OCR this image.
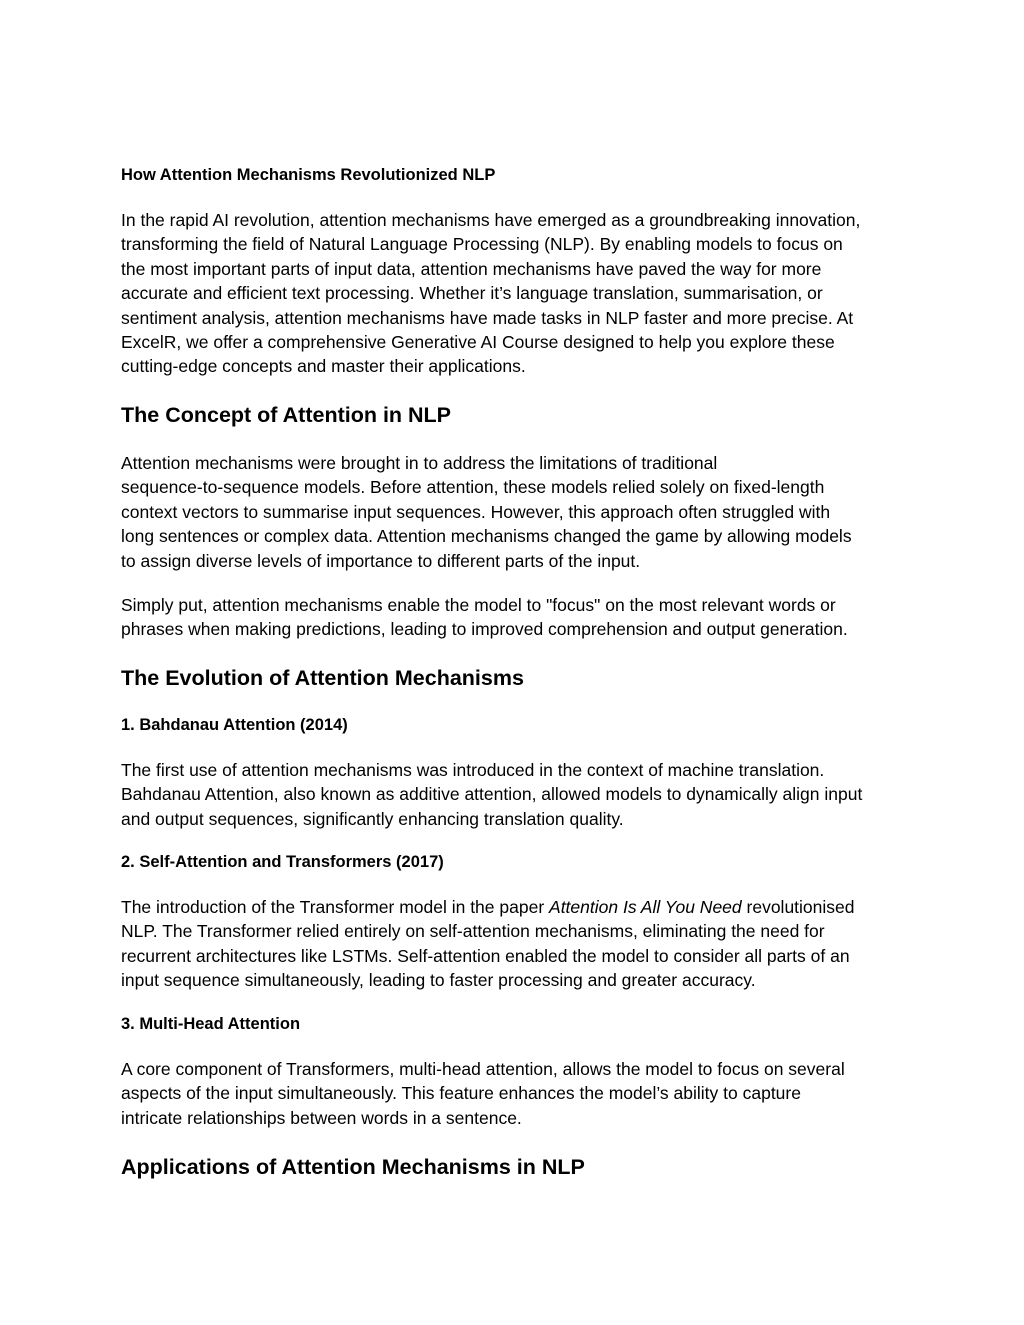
How Attention Mechanisms Revolutionized NLP
In the rapid AI revolution, attention mechanisms have emerged as a groundbreaking innovation,
transforming the field of Natural Language Processing (NLP). By enabling models to focus on
the most important parts of input data, attention mechanisms have paved the way for more
accurate and efficient text processing. Whether it’s language translation, summarisation, or
sentiment analysis, attention mechanisms have made tasks in NLP faster and more precise. At
ExcelR, we offer a comprehensive Generative AI Course designed to help you explore these
cutting-edge concepts and master their applications.
The Concept of Attention in NLP
Attention mechanisms were brought in to address the limitations of traditional
sequence-to-sequence models. Before attention, these models relied solely on fixed-length
context vectors to summarise input sequences. However, this approach often struggled with
long sentences or complex data. Attention mechanisms changed the game by allowing models
to assign diverse levels of importance to different parts of the input.
Simply put, attention mechanisms enable the model to "focus" on the most relevant words or
phrases when making predictions, leading to improved comprehension and output generation.
The Evolution of Attention Mechanisms
1. Bahdanau Attention (2014)
The first use of attention mechanisms was introduced in the context of machine translation.
Bahdanau Attention, also known as additive attention, allowed models to dynamically align input
and output sequences, significantly enhancing translation quality.
2. Self-Attention and Transformers (2017)
The introduction of the Transformer model in the paper Attention Is All You Need revolutionised
NLP. The Transformer relied entirely on self-attention mechanisms, eliminating the need for
recurrent architectures like LSTMs. Self-attention enabled the model to consider all parts of an
input sequence simultaneously, leading to faster processing and greater accuracy.
3. Multi-Head Attention
A core component of Transformers, multi-head attention, allows the model to focus on several
aspects of the input simultaneously. This feature enhances the model’s ability to capture
intricate relationships between words in a sentence.
Applications of Attention Mechanisms in NLP
